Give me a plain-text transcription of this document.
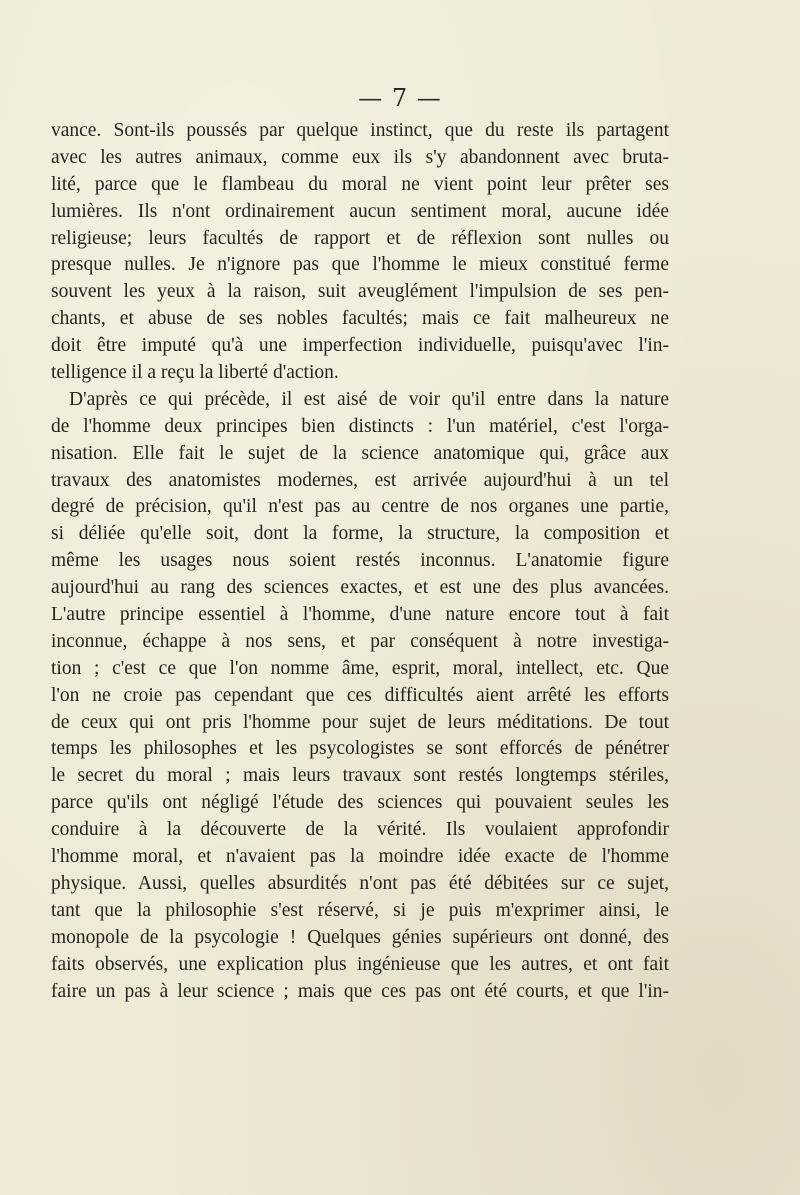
— 7 —
vance. Sont-ils poussés par quelque instinct, que du reste ils partagent
avec les autres animaux, comme eux ils s'y abandonnent avec bruta-
lité, parce que le flambeau du moral ne vient point leur prêter ses
lumières. Ils n'ont ordinairement aucun sentiment moral, aucune idée
religieuse; leurs facultés de rapport et de réflexion sont nulles ou
presque nulles. Je n'ignore pas que l'homme le mieux constitué ferme
souvent les yeux à la raison, suit aveuglément l'impulsion de ses pen-
chants, et abuse de ses nobles facultés; mais ce fait malheureux ne
doit être imputé qu'à une imperfection individuelle, puisqu'avec l'in-
telligence il a reçu la liberté d'action.
D'après ce qui précède, il est aisé de voir qu'il entre dans la nature
de l'homme deux principes bien distincts : l'un matériel, c'est l'orga-
nisation. Elle fait le sujet de la science anatomique qui, grâce aux
travaux des anatomistes modernes, est arrivée aujourd'hui à un tel
degré de précision, qu'il n'est pas au centre de nos organes une partie,
si déliée qu'elle soit, dont la forme, la structure, la composition et
même les usages nous soient restés inconnus. L'anatomie figure
aujourd'hui au rang des sciences exactes, et est une des plus avancées.
L'autre principe essentiel à l'homme, d'une nature encore tout à fait
inconnue, échappe à nos sens, et par conséquent à notre investiga-
tion ; c'est ce que l'on nomme âme, esprit, moral, intellect, etc. Que
l'on ne croie pas cependant que ces difficultés aient arrêté les efforts
de ceux qui ont pris l'homme pour sujet de leurs méditations. De tout
temps les philosophes et les psycologistes se sont efforcés de pénétrer
le secret du moral ; mais leurs travaux sont restés longtemps stériles,
parce qu'ils ont négligé l'étude des sciences qui pouvaient seules les
conduire à la découverte de la vérité. Ils voulaient approfondir
l'homme moral, et n'avaient pas la moindre idée exacte de l'homme
physique. Aussi, quelles absurdités n'ont pas été débitées sur ce sujet,
tant que la philosophie s'est réservé, si je puis m'exprimer ainsi, le
monopole de la psycologie ! Quelques génies supérieurs ont donné, des
faits observés, une explication plus ingénieuse que les autres, et ont fait
faire un pas à leur science ; mais que ces pas ont été courts, et que l'in-
